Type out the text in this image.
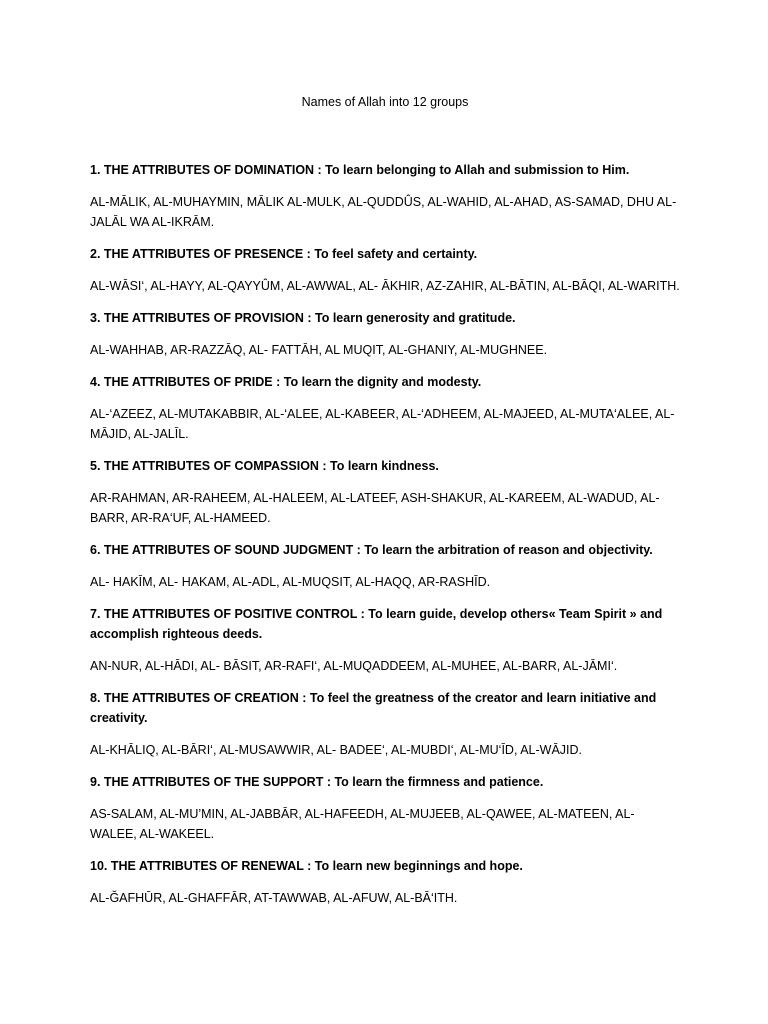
Names of Allah into 12 groups

1. THE ATTRIBUTES OF DOMINATION : To learn belonging to Allah and submission to Him.

AL-MĀLIK, AL-MUHAYMIN, MĀLIK AL-MULK, AL-QUDDÛS, AL-WAHID, AL-AHAD, AS-SAMAD, DHU AL-JALĀL WA AL-IKRĀM.

2. THE ATTRIBUTES OF PRESENCE : To feel safety and certainty.

AL-WĀSI‘, AL-HAYY, AL-QAYYÛM, AL-AWWAL, AL- ĀKHIR, AZ-ZAHIR, AL-BĀTIN, AL-BĀQI, AL-WARITH.

3. THE ATTRIBUTES OF PROVISION : To learn generosity and gratitude.

AL-WAHHAB, AR-RAZZĀQ, AL- FATTĀH, AL MUQIT, AL-GHANIY, AL-MUGHNEE.

4. THE ATTRIBUTES OF PRIDE : To learn the dignity and modesty.

AL-‘AZEEZ, AL-MUTAKABBIR, AL-‘ALEE, AL-KABEER, AL-‘ADHEEM, AL-MAJEED, AL-MUTA‘ALEE, AL-MĀJID, AL-JALĪL.

5. THE ATTRIBUTES OF COMPASSION : To learn kindness.

AR-RAHMAN, AR-RAHEEM, AL-HALEEM, AL-LATEEF, ASH-SHAKUR, AL-KAREEM, AL-WADUD, AL-BARR, AR-RA‘UF, AL-HAMEED.

6. THE ATTRIBUTES OF SOUND JUDGMENT : To learn the arbitration of reason and objectivity.

AL- HAKĪM, AL- HAKAM, AL-ADL, AL-MUQSIT, AL-HAQQ, AR-RASHĪD.

7. THE ATTRIBUTES OF POSITIVE CONTROL : To learn guide, develop others« Team Spirit » and accomplish righteous deeds.

AN-NUR, AL-HĀDI, AL- BĀSIT, AR-RAFI‘, AL-MUQADDEEM, AL-MUHEE, AL-BARR, AL-JĀMI‘.

8. THE ATTRIBUTES OF CREATION : To feel the greatness of the creator and learn initiative and creativity.

AL-KHĀLIQ, AL-BĀRI‘, AL-MUSAWWIR, AL- BADEE‘, AL-MUBDI‘, AL-MU‘ĪD, AL-WĀJID.

9. THE ATTRIBUTES OF THE SUPPORT : To learn the firmness and patience.

AS-SALAM, AL-MU’MIN, AL-JABBĀR, AL-HAFEEDH, AL-MUJEEB, AL-QAWEE, AL-MATEEN, AL-WALEE, AL-WAKEEL.

10. THE ATTRIBUTES OF RENEWAL : To learn new beginnings and hope.

AL-ĞAFHŪR, AL-GHAFFĀR, AT-TAWWAB, AL-AFUW, AL-BĀ‘ITH.
